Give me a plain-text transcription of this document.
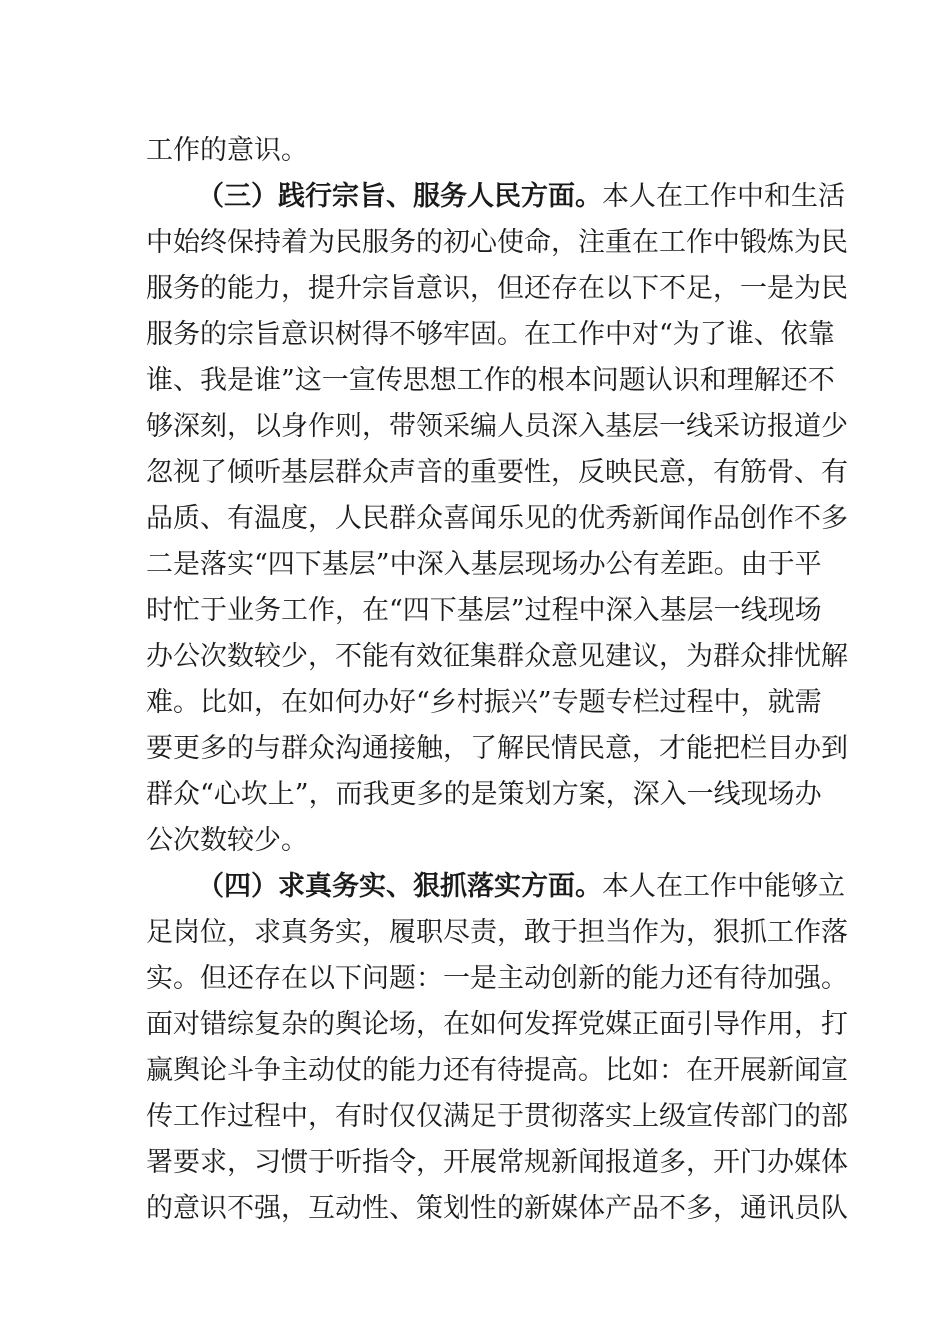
工作的意识。
（三）践行宗旨、服务人民方面。本人在工作中和生活
中始终保持着为民服务的初心使命，注重在工作中锻炼为民
服务的能力，提升宗旨意识，但还存在以下不足，一是为民
服务的宗旨意识树得不够牢固。在工作中对“为了谁、依靠
谁、我是谁”这一宣传思想工作的根本问题认识和理解还不
够深刻，以身作则，带领采编人员深入基层一线采访报道少
忽视了倾听基层群众声音的重要性，反映民意，有筋骨、有
品质、有温度，人民群众喜闻乐见的优秀新闻作品创作不多
二是落实“四下基层”中深入基层现场办公有差距。由于平
时忙于业务工作，在“四下基层”过程中深入基层一线现场
办公次数较少，不能有效征集群众意见建议，为群众排忧解
难。比如，在如何办好“乡村振兴”专题专栏过程中，就需
要更多的与群众沟通接触，了解民情民意，才能把栏目办到
群众“心坎上”，而我更多的是策划方案，深入一线现场办
公次数较少。
（四）求真务实、狠抓落实方面。本人在工作中能够立
足岗位，求真务实，履职尽责，敢于担当作为，狠抓工作落
实。但还存在以下问题：一是主动创新的能力还有待加强。
面对错综复杂的舆论场，在如何发挥党媒正面引导作用，打
赢舆论斗争主动仗的能力还有待提高。比如：在开展新闻宣
传工作过程中，有时仅仅满足于贯彻落实上级宣传部门的部
署要求，习惯于听指令，开展常规新闻报道多，开门办媒体
的意识不强，互动性、策划性的新媒体产品不多，通讯员队
